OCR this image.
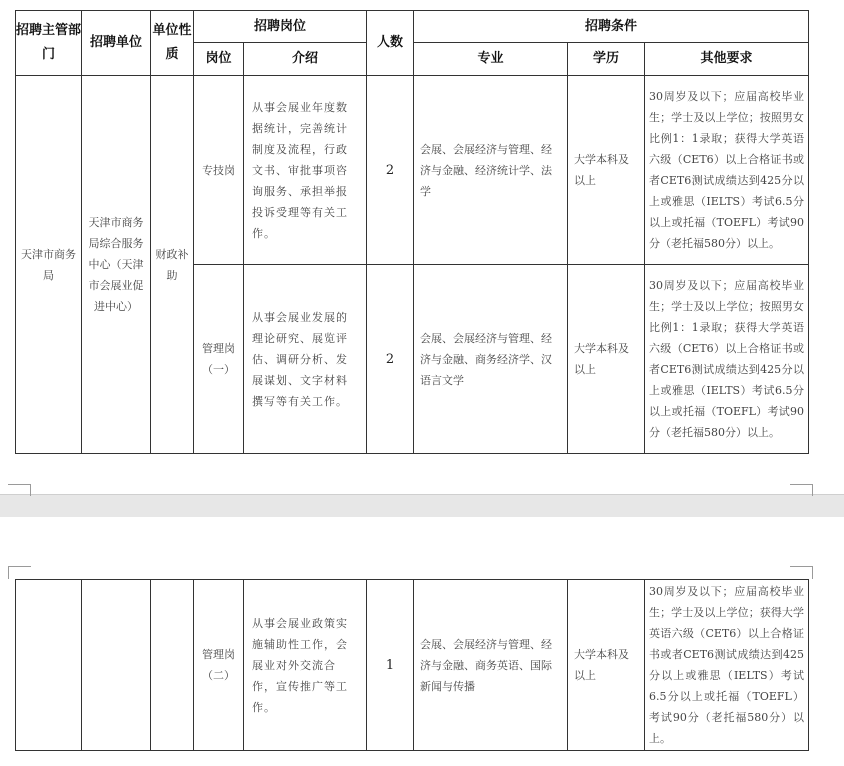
招聘主管部门	招聘单位	单位性质	招聘岗位		人数	招聘条件		
			岗位	介绍		专业	学历	其他要求
天津市商务局	天津市商务局综合服务中心（天津市会展业促进中心）	财政补助	专技岗	从事会展业年度数据统计，完善统计制度及流程，行政文书、审批事项咨询服务、承担举报投诉受理等有关工作。	2	会展、会展经济与管理、经济与金融、经济统计学、法学	大学本科及以上	30周岁及以下；应届高校毕业生；学士及以上学位；按照男女比例1：1录取；获得大学英语六级（CET6）以上合格证书或者CET6测试成绩达到425分以上或雅思（IELTS）考试6.5分以上或托福（TOEFL）考试90分（老托福580分）以上。
			管理岗（一）	从事会展业发展的理论研究、展览评估、调研分析、发展谋划、文字材料撰写等有关工作。	2	会展、会展经济与管理、经济与金融、商务经济学、汉语言文学	大学本科及以上	30周岁及以下；应届高校毕业生；学士及以上学位；按照男女比例1：1录取；获得大学英语六级（CET6）以上合格证书或者CET6测试成绩达到425分以上或雅思（IELTS）考试6.5分以上或托福（TOEFL）考试90分（老托福580分）以上。
			管理岗（二）	从事会展业政策实施辅助性工作，会展业对外交流合作，宣传推广等工作。	1	会展、会展经济与管理、经济与金融、商务英语、国际新闻与传播	大学本科及以上	30周岁及以下；应届高校毕业生；学士及以上学位；获得大学英语六级（CET6）以上合格证书或者CET6测试成绩达到425分以上或雅思（IELTS）考试6.5分以上或托福（TOEFL）考试90分（老托福580分）以上。
